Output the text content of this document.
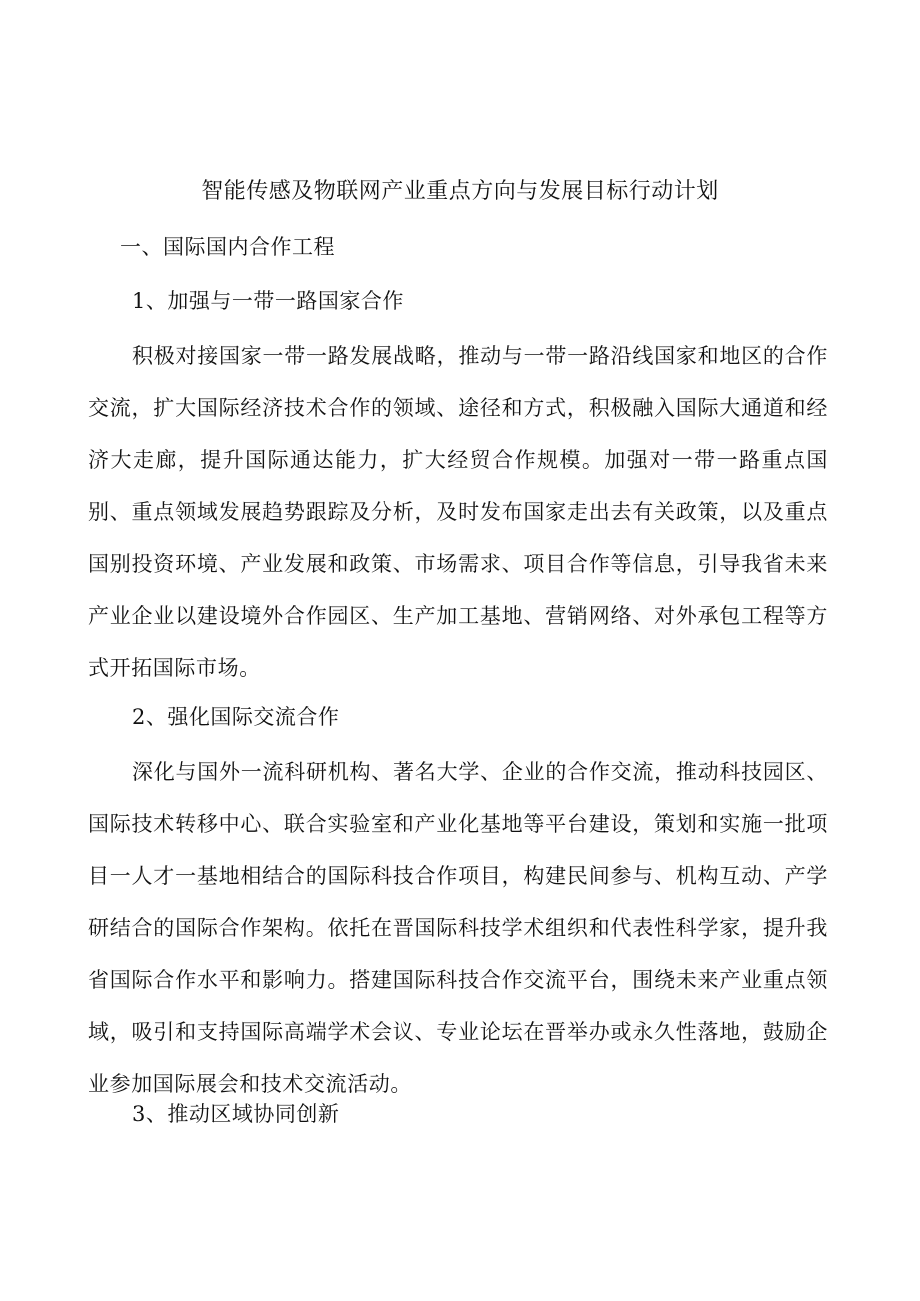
智能传感及物联网产业重点方向与发展目标行动计划
一、国际国内合作工程
1、加强与一带一路国家合作

积极对接国家一带一路发展战略，推动与一带一路沿线国家和地区的合作交流，扩大国际经济技术合作的领域、途径和方式，积极融入国际大通道和经济大走廊，提升国际通达能力，扩大经贸合作规模。加强对一带一路重点国别、重点领域发展趋势跟踪及分析，及时发布国家走出去有关政策，以及重点国别投资环境、产业发展和政策、市场需求、项目合作等信息，引导我省未来产业企业以建设境外合作园区、生产加工基地、营销网络、对外承包工程等方式开拓国际市场。

2、强化国际交流合作

深化与国外一流科研机构、著名大学、企业的合作交流，推动科技园区、国际技术转移中心、联合实验室和产业化基地等平台建设，策划和实施一批项目一人才一基地相结合的国际科技合作项目，构建民间参与、机构互动、产学研结合的国际合作架构。依托在晋国际科技学术组织和代表性科学家，提升我省国际合作水平和影响力。搭建国际科技合作交流平台，围绕未来产业重点领域，吸引和支持国际高端学术会议、专业论坛在晋举办或永久性落地，鼓励企业参加国际展会和技术交流活动。

3、推动区域协同创新
